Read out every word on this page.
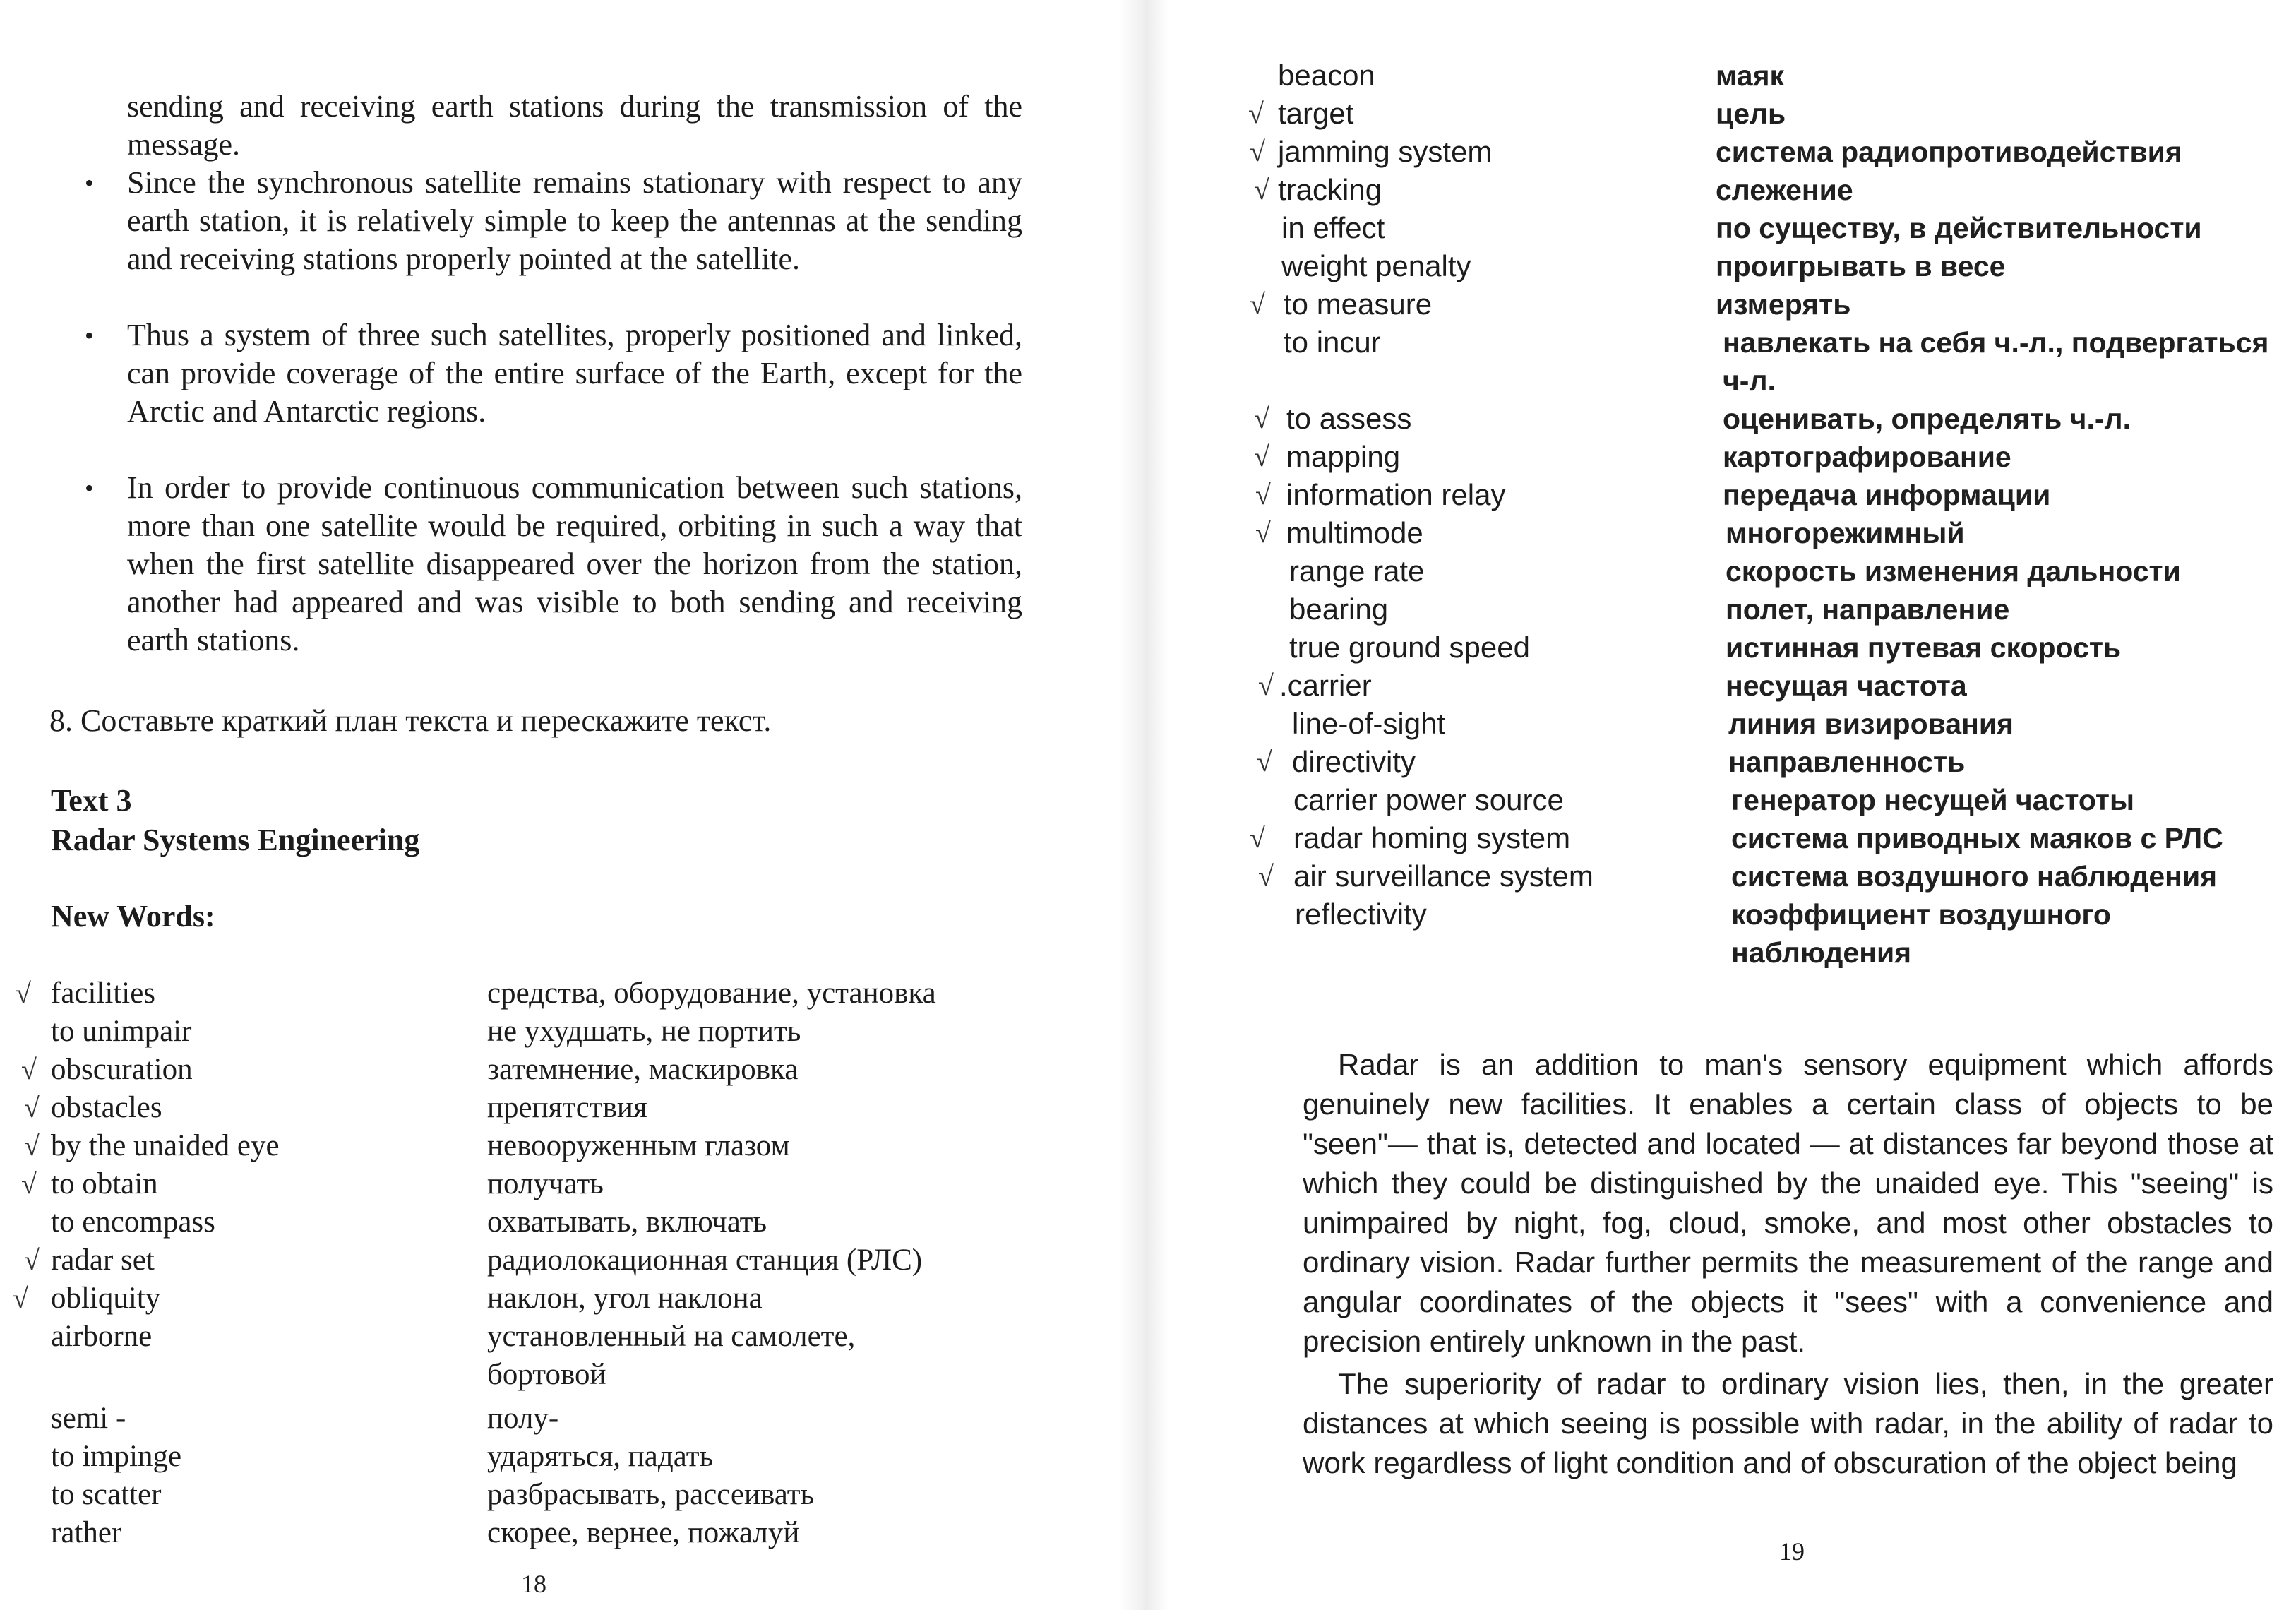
sending and receiving earth stations during the transmission of the message.
• Since the synchronous satellite remains stationary with respect to any earth station, it is relatively simple to keep the antennas at the sending and receiving stations properly pointed at the satellite.
• Thus a system of three such satellites, properly positioned and linked, can provide coverage of the entire surface of the Earth, except for the Arctic and Antarctic regions.
• In order to provide continuous communication between such stations, more than one satellite would be required, orbiting in such a way that when the first satellite disappeared over the horizon from the station, another had appeared and was visible to both sending and receiving earth stations.
8. Составьте краткий план текста и перескажите текст.
Text 3
Radar Systems Engineering
New Words:
√ facilities	средства, оборудование, установка
to unimpair	не ухудшать, не портить
√ obscuration	затемнение, маскировка
√ obstacles	препятствия
√ by the unaided eye	невооруженным глазом
√ to obtain	получать
to encompass	охватывать, включать
√ radar set	радиолокационная станция (РЛС)
√ obliquity	наклон, угол наклона
airborne	установленный на самолете,
бортовой
semi -	полу-
to impinge	ударяться, падать
to scatter	разбрасывать, рассеивать
rather	скорее, вернее, пожалуй
18
beacon	маяк
√ target	цель
√ jamming system	система радиопротиводействия
√ tracking	слежение
in effect	по существу, в действительности
weight penalty	проигрывать в весе
√ to measure	измерять
to incur	навлекать на себя ч.-л., подвергаться
ч-л.
√ to assess	оценивать, определять ч.-л.
√ mapping	картографирование
√ information relay	передача информации
√ multimode	многорежимный
range rate	скорость изменения дальности
bearing	полет, направление
true ground speed	истинная путевая скорость
√ .carrier	несущая частота
line-of-sight	линия визирования
√ directivity	направленность
carrier power source	генератор несущей частоты
√ radar homing system	система приводных маяков с РЛС
√ air surveillance system	система воздушного наблюдения
reflectivity	коэффициент воздушного
наблюдения

Radar is an addition to man's sensory equipment which affords genuinely new facilities. It enables a certain class of objects to be "seen"— that is, detected and located — at distances far beyond those at which they could be distinguished by the unaided eye. This "seeing" is unimpaired by night, fog, cloud, smoke, and most other obstacles to ordinary vision. Radar further permits the measurement of the range and angular coordinates of the objects it "sees" with a convenience and precision entirely unknown in the past.

The superiority of radar to ordinary vision lies, then, in the greater distances at which seeing is possible with radar, in the ability of radar to work regardless of light condition and of obscuration of the object being

19
